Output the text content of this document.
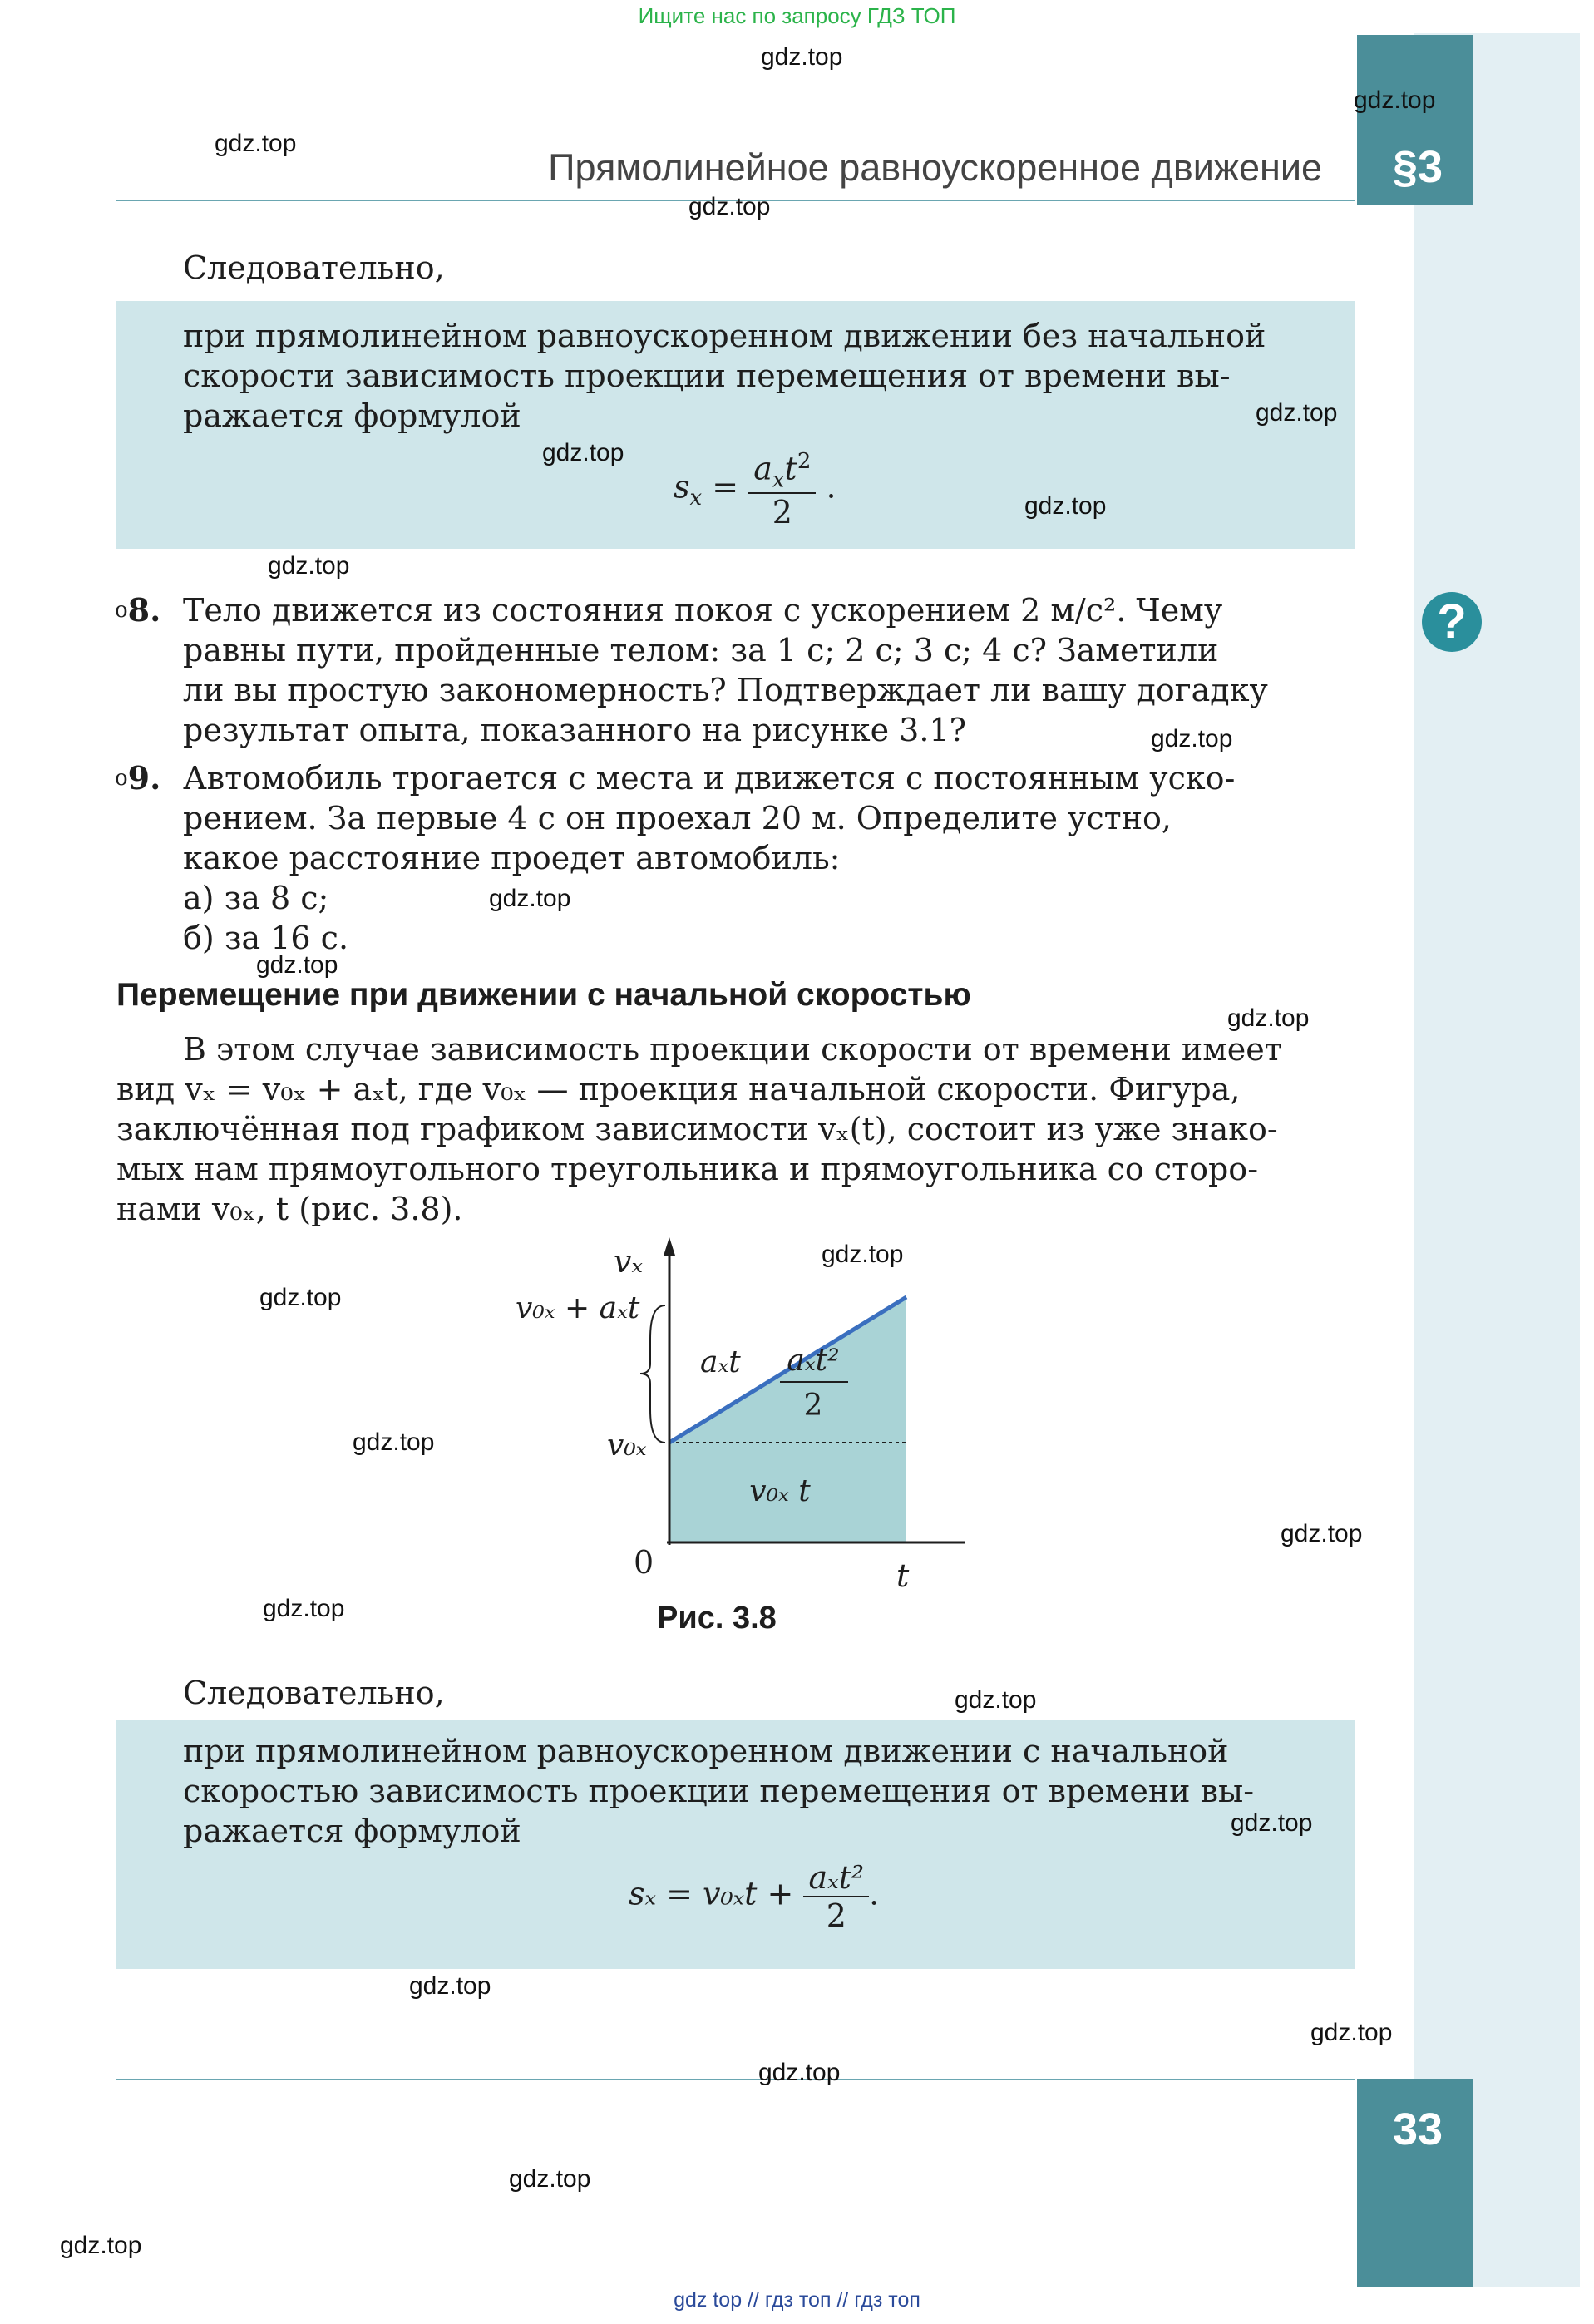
Ищите нас по запросу ГДЗ ТОП
gdz top // гдз топ // гдз топ
§3
33
?
Прямолинейное равноускоренное движение
Следовательно,
при прямолинейном равноускоренном движении без начальной
скорости зависимость проекции перемещения от времени вы-
ражается формулой
$s_x = \frac{a_xt^2}{2}$ .
$^o$8. Тело движется из состояния покоя с ускорением 2 м/с². Чему
равны пути, пройденные телом: за 1 с; 2 с; 3 с; 4 с? Заметили
ли вы простую закономерность? Подтверждает ли вашу догадку
результат опыта, показанного на рисунке 3.1?
$^o$9. Автомобиль трогается с места и движется с постоянным уско-
рением. За первые 4 с он проехал 20 м. Определите устно,
какое расстояние проедет автомобиль:
а) за 8 с;
б) за 16 с.
Перемещение при движении с начальной скоростью
В этом случае зависимость проекции скорости от времени имеет
вид vₓ = v₀ₓ + aₓt, где v₀ₓ — проекция начальной скорости. Фигура,
заключённая под графиком зависимости vₓ(t), состоит из уже знако-
мых нам прямоугольного треугольника и прямоугольника со сторо-
нами v₀ₓ, t (рис. 3.8).
vₓ
v₀ₓ + aₓt
aₓt aₓt²
2
v₀ₓ
v₀ₓ t
0	t
Рис. 3.8
Следовательно,
при прямолинейном равноускоренном движении с начальной
скоростью зависимость проекции перемещения от времени вы-
ражается формулой
$s_x = v_{0x}t + \frac{\text{aₓt²}}{2}$ .
gdz.top
gdz.top
gdz.top
gdz.top
gdz.top
gdz.top
gdz.top
gdz.top
gdz.top
gdz.top
gdz.top
gdz.top
gdz.top
gdz.top
gdz.top
gdz.top
gdz.top
gdz.top
gdz.top
gdz.top
gdz.top
gdz.top
gdz.top
gdz.top
